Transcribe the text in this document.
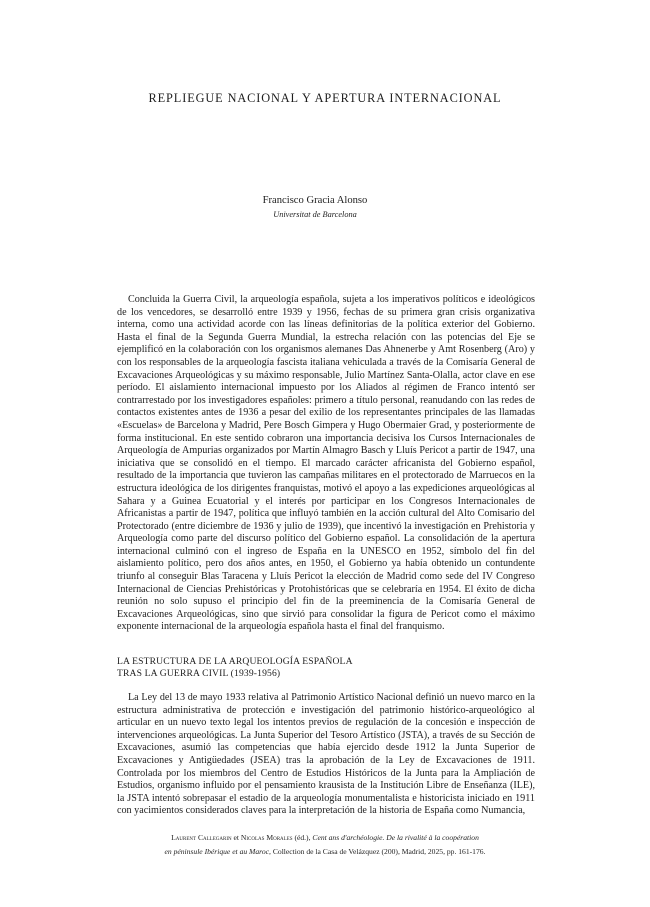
REPLIEGUE NACIONAL Y APERTURA INTERNACIONAL
Francisco Gracia Alonso
Universitat de Barcelona

Concluida la Guerra Civil, la arqueología española, sujeta a los imperativos políticos e ideológicos de los vencedores, se desarrolló entre 1939 y 1956, fechas de su primera gran crisis organizativa interna, como una actividad acorde con las líneas definitorias de la política exterior del Gobierno. Hasta el final de la Segunda Guerra Mundial, la estrecha relación con las potencias del Eje se ejemplificó en la colaboración con los organismos alemanes Das Ahnenerbe y Amt Rosenberg (Aro) y con los responsables de la arqueología fascista italiana vehiculada a través de la Comisaría General de Excavaciones Arqueológicas y su máximo responsable, Julio Martínez Santa-Olalla, actor clave en ese período. El aislamiento internacional impuesto por los Aliados al régimen de Franco intentó ser contrarrestado por los investigadores españoles: primero a título personal, reanudando con las redes de contactos existentes antes de 1936 a pesar del exilio de los representantes principales de las llamadas «Escuelas» de Barcelona y Madrid, Pere Bosch Gimpera y Hugo Obermaier Grad, y posteriormente de forma institucional. En este sentido cobraron una importancia decisiva los Cursos Internacionales de Arqueología de Ampurias organizados por Martín Almagro Basch y Lluís Pericot a partir de 1947, una iniciativa que se consolidó en el tiempo. El marcado carácter africanista del Gobierno español, resultado de la importancia que tuvieron las campañas militares en el protectorado de Marruecos en la estructura ideológica de los dirigentes franquistas, motivó el apoyo a las expediciones arqueológicas al Sahara y a Guinea Ecuatorial y el interés por participar en los Congresos Internacionales de Africanistas a partir de 1947, política que influyó también en la acción cultural del Alto Comisario del Protectorado (entre diciembre de 1936 y julio de 1939), que incentivó la investigación en Prehistoria y Arqueología como parte del discurso político del Gobierno español. La consolidación de la apertura internacional culminó con el ingreso de España en la UNESCO en 1952, símbolo del fin del aislamiento político, pero dos años antes, en 1950, el Gobierno ya había obtenido un contundente triunfo al conseguir Blas Taracena y Lluís Pericot la elección de Madrid como sede del IV Congreso Internacional de Ciencias Prehistóricas y Protohistóricas que se celebraría en 1954. El éxito de dicha reunión no solo supuso el principio del fin de la preeminencia de la Comisaría General de Excavaciones Arqueológicas, sino que sirvió para consolidar la figura de Pericot como el máximo exponente internacional de la arqueología española hasta el final del franquismo.

LA ESTRUCTURA DE LA ARQUEOLOGÍA ESPAÑOLA
TRAS LA GUERRA CIVIL (1939-1956)

La Ley del 13 de mayo 1933 relativa al Patrimonio Artístico Nacional definió un nuevo marco en la estructura administrativa de protección e investigación del patrimonio histórico-arqueológico al articular en un nuevo texto legal los intentos previos de regulación de la concesión e inspección de intervenciones arqueológicas. La Junta Superior del Tesoro Artístico (JSTA), a través de su Sección de Excavaciones, asumió las competencias que había ejercido desde 1912 la Junta Superior de Excavaciones y Antigüedades (JSEA) tras la aprobación de la Ley de Excavaciones de 1911. Controlada por los miembros del Centro de Estudios Históricos de la Junta para la Ampliación de Estudios, organismo influido por el pensamiento krausista de la Institución Libre de Enseñanza (ILE), la JSTA intentó sobrepasar el estadio de la arqueología monumentalista e historicista iniciado en 1911 con yacimientos considerados claves para la interpretación de la historia de España como Numancia,

Laurent Callegarin et Nicolas Morales (éd.), Cent ans d'archéologie. De la rivalité à la coopération
en péninsule Ibérique et au Maroc, Collection de la Casa de Velázquez (200), Madrid, 2025, pp. 161-176.
